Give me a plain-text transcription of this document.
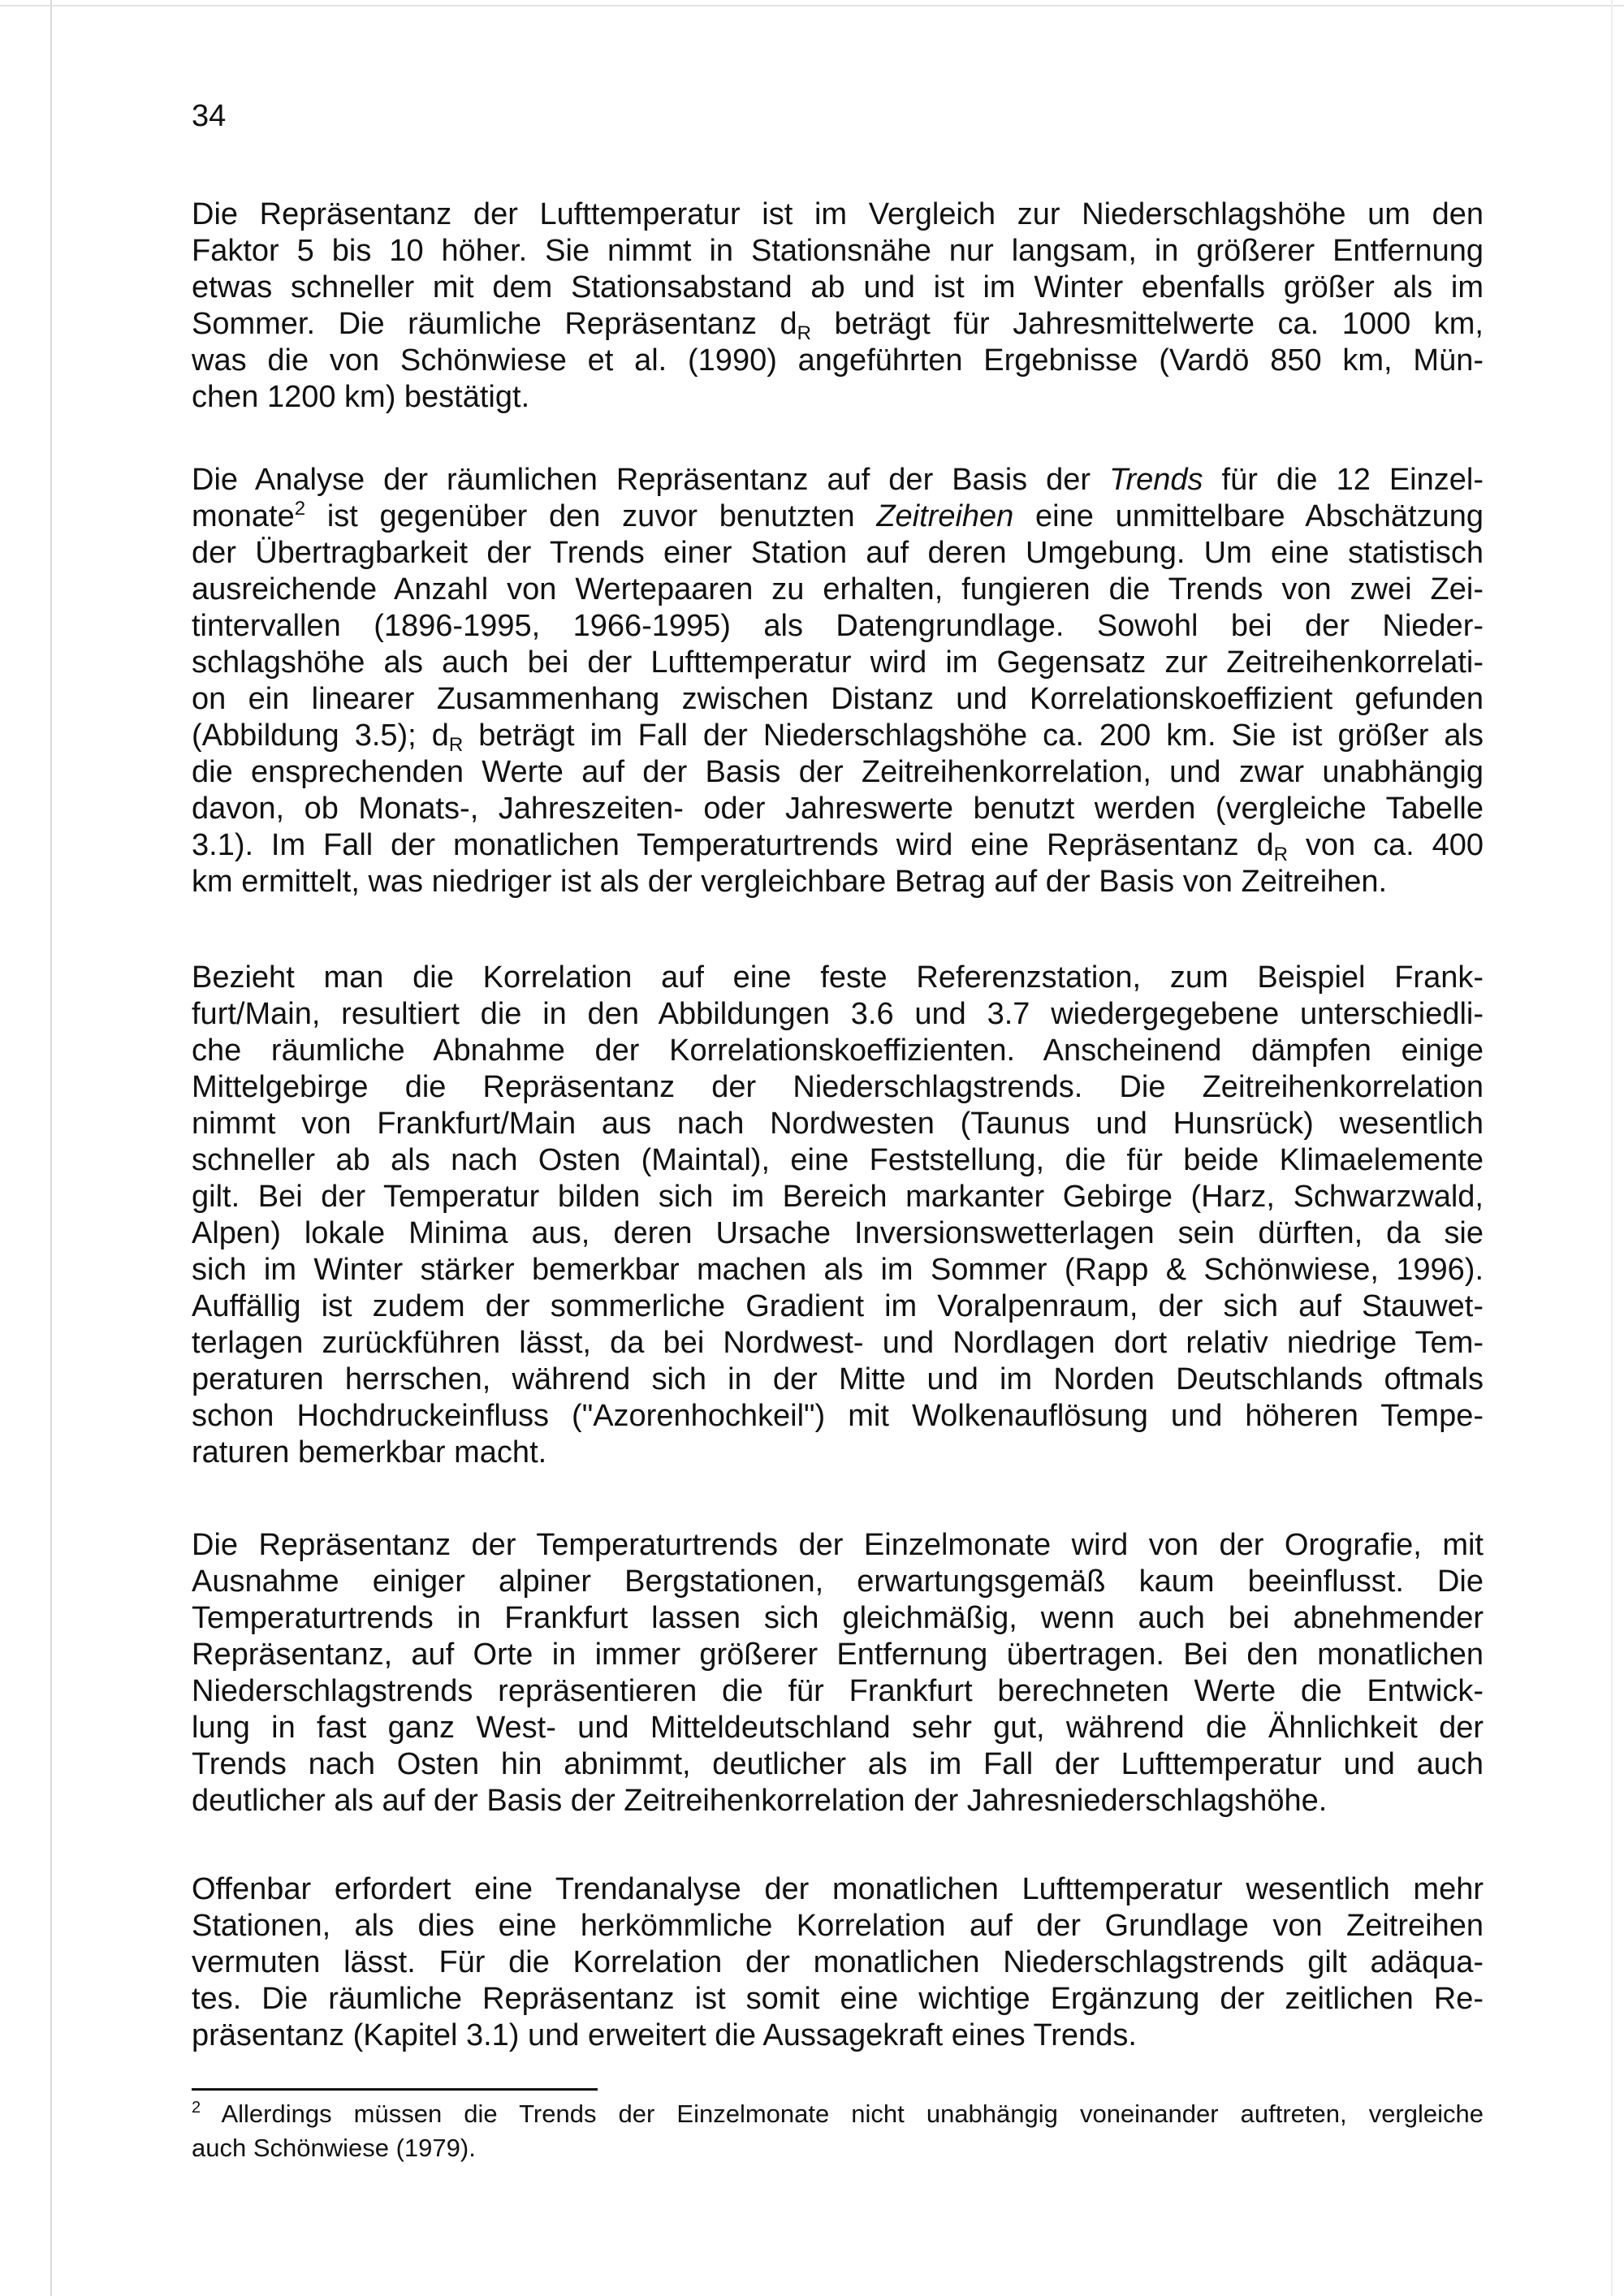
34
Die Repräsentanz der Lufttemperatur ist im Vergleich zur Niederschlagshöhe um den
Faktor 5 bis 10 höher. Sie nimmt in Stationsnähe nur langsam, in größerer Entfernung
etwas schneller mit dem Stationsabstand ab und ist im Winter ebenfalls größer als im
Sommer. Die räumliche Repräsentanz $d_R$ beträgt für Jahresmittelwerte ca. 1000 km,
was die von Schönwiese et al. (1990) angeführten Ergebnisse (Vardö 850 km, Mün-
chen 1200 km) bestätigt.
Die Analyse der räumlichen Repräsentanz auf der Basis der Trends für die 12 Einzel-
monate$^2$ ist gegenüber den zuvor benutzten Zeitreihen eine unmittelbare Abschätzung
der Übertragbarkeit der Trends einer Station auf deren Umgebung. Um eine statistisch
ausreichende Anzahl von Wertepaaren zu erhalten, fungieren die Trends von zwei Zei-
tintervallen (1896-1995, 1966-1995) als Datengrundlage. Sowohl bei der Nieder-
schlagshöhe als auch bei der Lufttemperatur wird im Gegensatz zur Zeitreihenkorrelati-
on ein linearer Zusammenhang zwischen Distanz und Korrelationskoeffizient gefunden
(Abbildung 3.5); $d_R$ beträgt im Fall der Niederschlagshöhe ca. 200 km. Sie ist größer als
die ensprechenden Werte auf der Basis der Zeitreihenkorrelation, und zwar unabhängig
davon, ob Monats-, Jahreszeiten- oder Jahreswerte benutzt werden (vergleiche Tabelle
3.1). Im Fall der monatlichen Temperaturtrends wird eine Repräsentanz $d_R$ von ca. 400
km ermittelt, was niedriger ist als der vergleichbare Betrag auf der Basis von Zeitreihen.
Bezieht man die Korrelation auf eine feste Referenzstation, zum Beispiel Frank-
furt/Main, resultiert die in den Abbildungen 3.6 und 3.7 wiedergegebene unterschiedli-
che räumliche Abnahme der Korrelationskoeffizienten. Anscheinend dämpfen einige
Mittelgebirge die Repräsentanz der Niederschlagstrends. Die Zeitreihenkorrelation
nimmt von Frankfurt/Main aus nach Nordwesten (Taunus und Hunsrück) wesentlich
schneller ab als nach Osten (Maintal), eine Feststellung, die für beide Klimaelemente
gilt. Bei der Temperatur bilden sich im Bereich markanter Gebirge (Harz, Schwarzwald,
Alpen) lokale Minima aus, deren Ursache Inversionswetterlagen sein dürften, da sie
sich im Winter stärker bemerkbar machen als im Sommer (Rapp & Schönwiese, 1996).
Auffällig ist zudem der sommerliche Gradient im Voralpenraum, der sich auf Stauwet-
terlagen zurückführen lässt, da bei Nordwest- und Nordlagen dort relativ niedrige Tem-
peraturen herrschen, während sich in der Mitte und im Norden Deutschlands oftmals
schon Hochdruckeinfluss ("Azorenhochkeil") mit Wolkenauflösung und höheren Tempe-
raturen bemerkbar macht.
Die Repräsentanz der Temperaturtrends der Einzelmonate wird von der Orografie, mit
Ausnahme einiger alpiner Bergstationen, erwartungsgemäß kaum beeinflusst. Die
Temperaturtrends in Frankfurt lassen sich gleichmäßig, wenn auch bei abnehmender
Repräsentanz, auf Orte in immer größerer Entfernung übertragen. Bei den monatlichen
Niederschlagstrends repräsentieren die für Frankfurt berechneten Werte die Entwick-
lung in fast ganz West- und Mitteldeutschland sehr gut, während die Ähnlichkeit der
Trends nach Osten hin abnimmt, deutlicher als im Fall der Lufttemperatur und auch
deutlicher als auf der Basis der Zeitreihenkorrelation der Jahresniederschlagshöhe.
Offenbar erfordert eine Trendanalyse der monatlichen Lufttemperatur wesentlich mehr
Stationen, als dies eine herkömmliche Korrelation auf der Grundlage von Zeitreihen
vermuten lässt. Für die Korrelation der monatlichen Niederschlagstrends gilt adäqua-
tes. Die räumliche Repräsentanz ist somit eine wichtige Ergänzung der zeitlichen Re-
präsentanz (Kapitel 3.1) und erweitert die Aussagekraft eines Trends.
$^2$ Allerdings müssen die Trends der Einzelmonate nicht unabhängig voneinander auftreten, vergleiche
auch Schönwiese (1979).
